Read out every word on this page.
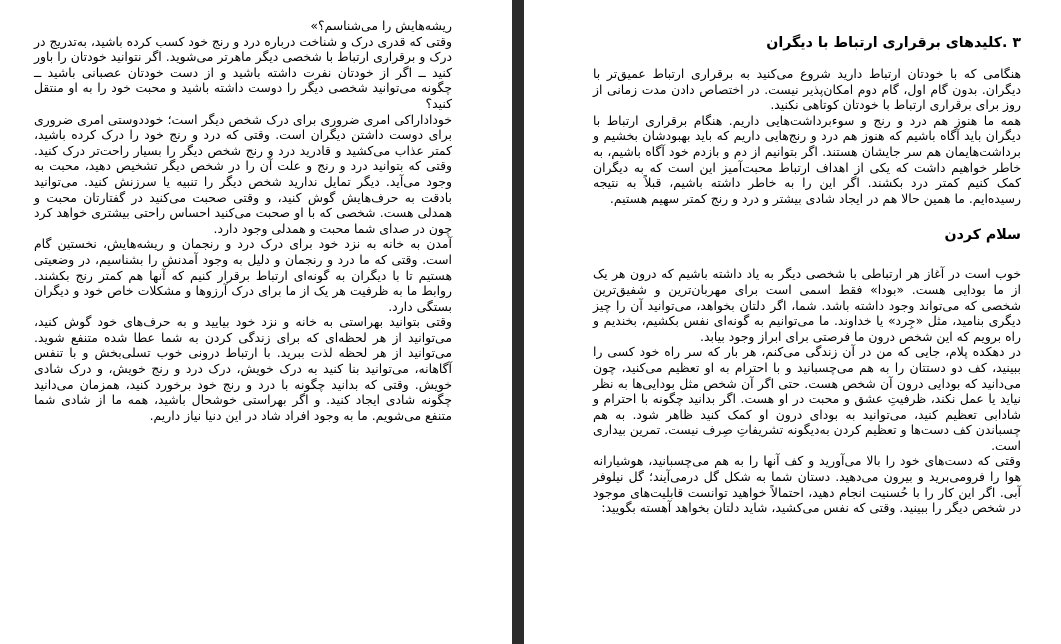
ریشه‌هایش را می‌شناسم؟»

وقتی که قدری درک و شناخت درباره درد و رنج خود کسب کرده باشید، به‌تدریج در درک و برقراری ارتباط با شخصی دیگر ماهرتر می‌شوید. اگر نتوانید خودتان را باور کنید ــ اگر از خودتان نفرت داشته باشید و از دست خودتان عصبانی باشید ــ چگونه می‌توانید شخصی دیگر را دوست داشته باشید و محبت خود را به او منتقل کنید؟

خوداداراکی امری ضروری برای درک شخص دیگر است؛ خوددوستی امری ضروری برای دوست داشتن دیگران است. وقتی که درد و رنج خود را درک کرده باشید، کمتر عذاب می‌کشید و قادرید درد و رنج شخص دیگر را بسیار راحت‌تر درک کنید. وقتی که بتوانید درد و رنج و علت آن را در شخص دیگر تشخیص دهید، محبت به وجود می‌آید. دیگر تمایل ندارید شخص دیگر را تنبیه یا سرزنش کنید. می‌توانید بادقت به حرف‌هایش گوش کنید، و وقتی صحبت می‌کنید در گفتارتان محبت و همدلی هست. شخصی که با او صحبت می‌کنید احساس راحتی بیشتری خواهد کرد چون در صدای شما محبت و همدلی وجود دارد.

آمدن به خانه به نزد خود برای درک درد و رنجمان و ریشه‌هایش، نخستین گام است. وقتی که ما درد و رنجمان و دلیل به وجود آمدنش را بشناسیم، در وضعیتی هستیم تا با دیگران به گونه‌ای ارتباط برقرار کنیم که آنها هم کمتر رنج بکشند. روابط ما به ظرفیت هر یک از ما برای درک آرزوها و مشکلات خاص خود و دیگران بستگی دارد.

وقتی بتوانید بهراستی به خانه و نزد خود بیایید و به حرف‌های خود گوش کنید، می‌توانید از هر لحظه‌ای که برای زندگی کردن به شما عطا شده متنفع شوید. می‌توانید از هر لحظه لذت ببرید. با ارتباط درونی خوب تسلی‌بخش و با تنفس آگاهانه، می‌توانید بنا کنید به درک خویش، درک درد و رنج خویش، و درک شادی خویش. وقتی که بدانید چگونه با درد و رنج خود برخورد کنید، همزمان می‌دانید چگونه شادی ایجاد کنید. و اگر بهراستی خوشحال باشید، همه ما از شادی شما متنفع می‌شویم. ما به وجود افراد شاد در این دنیا نیاز داریم.

۳ .کلیدهای برقراری ارتباط با دیگران

هنگامی که با خودتان ارتباط دارید شروع می‌کنید به برقراری ارتباط عمیق‌تر با دیگران. بدون گام اول، گام دوم امکان‌پذیر نیست. در اختصاص دادن مدت زمانی از روز برای برقراری ارتباط با خودتان کوتاهی نکنید.

همه ما هنوز هم درد و رنج و سوءبرداشت‌هایی داریم. هنگام برقراری ارتباط با دیگران باید آگاه باشیم که هنوز هم درد و رنج‌هایی داریم که باید بهبودشان بخشیم و برداشت‌هایمان هم سر جایشان هستند. اگر بتوانیم از دم و بازدم خود آگاه باشیم، به خاطر خواهیم داشت که یکی از اهداف ارتباط محبت‌آمیز این است که به دیگران کمک کنیم کمتر درد بکشند. اگر این را به خاطر داشته باشیم، قبلاً به نتیجه رسیده‌ایم. ما همین حالا هم در ایجاد شادی بیشتر و درد و رنج کمتر سهیم هستیم.

سلام کردن

خوب است در آغاز هر ارتباطی با شخصی دیگر به یاد داشته باشیم که درون هر یک از ما بودایی هست. «بودا» فقط اسمی است برای مهربان‌ترین و شفیق‌ترین شخصی که می‌تواند وجود داشته باشد. شما، اگر دلتان بخواهد، می‌توانید آن را چیز دیگری بنامید، مثل «جِرد» یا خداوند. ما می‌توانیم به گونه‌ای نفس بکشیم، بخندیم و راه برویم که این شخص درون ما فرصتی برای ابراز وجود بیابد.

در دهکده پلام، جایی که من در آن زندگی می‌کنم، هر بار که سر راه خود کسی را ببینید، کف دو دستتان را به هم می‌چسبانید و با احترام به او تعظیم می‌کنید، چون می‌دانید که بودایی درون آن شخص هست. حتی اگر آن شخص مثل بودایی‌ها به نظر نیاید یا عمل نکند، ظرفیتِ عشق و محبت در او هست. اگر بدانید چگونه با احترام و شادابی تعظیم کنید، می‌توانید به بودای درون او کمک کنید ظاهر شود. به هم چسباندن کف دست‌ها و تعظیم کردن به‌دیگونه تشریفاتِ صِرف نیست. تمرین بیداری است.

وقتی که دست‌های خود را بالا می‌آورید و کف آنها را به هم می‌چسبانید، هوشیارانه هوا را فرومی‌برید و بیرون می‌دهید. دستان شما به شکل گل درمی‌آیند؛ گل نیلوفر آبی. اگر این کار را با حُسنیت انجام دهید، احتمالاً خواهید توانست قابلیت‌های موجود در شخص دیگر را ببینید. وقتی که نفس می‌کشید، شاید دلتان بخواهد آهسته بگویید:
